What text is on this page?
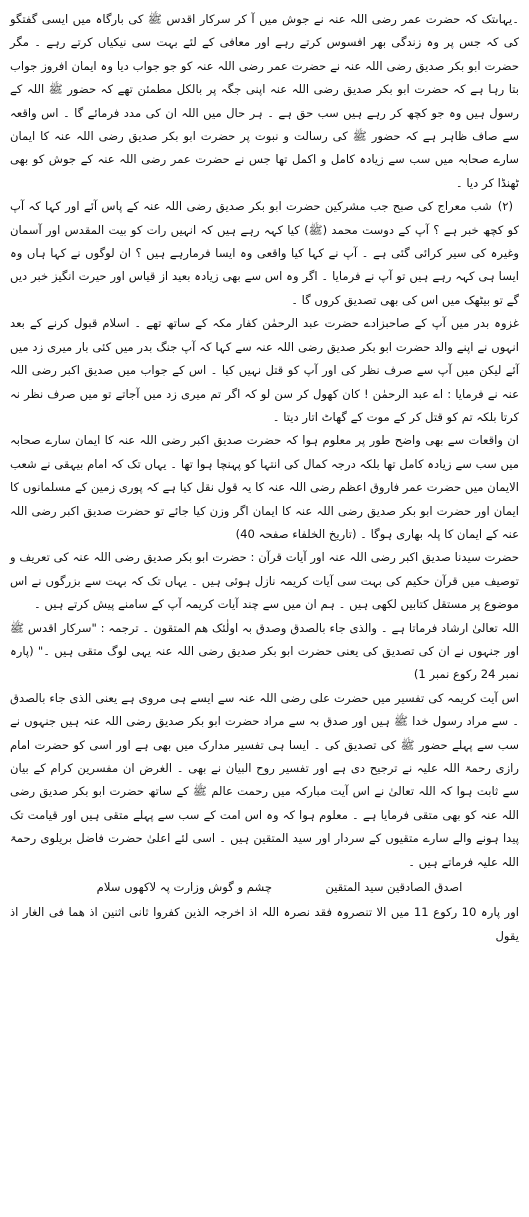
۔یہاںتک کہ حضرت عمر رضی اللہ عنہ نے جوش میں آ کر سرکار اقدس ﷺ کی بارگاہ میں ایسی گفتگو کی کہ جس پر وہ زندگی بھر افسوس کرتے رہے اور معافی کے لئے بہت سی نیکیاں کرتے رہے ۔ مگر حضرت ابو بکر صدیق رضی اللہ عنہ نے حضرت عمر رضی اللہ عنہ کو جو جواب دیا وہ ایمان افروز جواب بتا رہا ہے کہ حضرت ابو بکر صدیق رضی اللہ عنہ اپنی جگہ پر بالکل مطمئن تھے کہ حضور ﷺ اللہ کے رسول ہیں وہ جو کچھ کر رہے ہیں سب حق ہے ۔ ہر حال میں اللہ ان کی مدد فرمائے گا ۔ اس واقعہ سے صاف ظاہر ہے کہ حضور ﷺ کی رسالت و نبوت پر حضرت ابو بکر صدیق رضی اللہ عنہ کا ایمان سارے صحابہ میں سب سے زیادہ کامل و اکمل تھا جس نے حضرت عمر رضی اللہ عنہ کے جوش کو بھی ٹھنڈا کر دیا ۔

(۲)شب معراج کی صبح جب مشرکین حضرت ابو بکر صدیق رضی اللہ عنہ کے پاس آئے اور کہا کہ آپ کو کچھ خبر ہے ؟ آپ کے دوست محمد (ﷺ) کیا کہہ رہے ہیں کہ انہیں رات کو بیت المقدس اور آسمان وغیرہ کی سیر کرائی گئی ہے ۔ آپ نے کہا کیا واقعی وہ ایسا فرمارہے ہیں ؟ ان لوگوں نے کہا ہاں وہ ایسا ہی کہہ رہے ہیں تو آپ نے فرمایا ۔ اگر وہ اس سے بھی زیادہ بعید از قیاس اور حیرت انگیز خبر دیں گے تو بیٹھک میں اس کی بھی تصدیق کروں گا ۔

غزوہ بدر میں آپ کے صاحبزادے حضرت عبد الرحمٰن کفار مکہ کے ساتھ تھے ۔ اسلام قبول کرنے کے بعد انہوں نے اپنے والد حضرت ابو بکر صدیق رضی اللہ عنہ سے کہا کہ آپ جنگ بدر میں کئی بار میری زد میں آئے لیکن میں آپ سے صرف نظر کی اور آپ کو قتل نہیں کیا ۔ اس کے جواب میں صدیق اکبر رضی اللہ عنہ نے فرمایا : اے عبد الرحمٰن ! کان کھول کر سن لو کہ اگر تم میری زد میں آجاتے تو میں صرف نظر نہ کرتا بلکہ تم کو قتل کر کے موت کے گھاٹ اتار دیتا ۔

ان واقعات سے بھی واضح طور پر معلوم ہوا کہ حضرت صدیق اکبر رضی اللہ عنہ کا ایمان سارے صحابہ میں سب سے زیادہ کامل تھا بلکہ درجہ کمال کی انتہا کو پہنچا ہوا تھا ۔ یہاں تک کہ امام بیہقی نے شعب الایمان میں حضرت عمر فاروق اعظم رضی اللہ عنہ کا یہ قول نقل کیا ہے کہ پوری زمین کے مسلمانوں کا ایمان اور حضرت ابو بکر صدیق رضی اللہ عنہ کا ایمان اگر وزن کیا جائے تو حضرت صدیق اکبر رضی اللہ عنہ کے ایمان کا پلہ بھاری ہوگا ۔ (تاریخ الخلفاء صفحہ 40)

حضرت سیدنا صدیق اکبر رضی اللہ عنہ اور آیات قرآن : حضرت ابو بکر صدیق رضی اللہ عنہ کی تعریف و توصیف میں قرآن حکیم کی بہت سی آیات کریمہ نازل ہوئی ہیں ۔ یہاں تک کہ بہت سے بزرگوں نے اس موضوع پر مستقل کتابیں لکھی ہیں ۔ ہم ان میں سے چند آیات کریمہ آپ کے سامنے پیش کرتے ہیں ۔

اللہ تعالیٰ ارشاد فرماتا ہے ۔ والذی جاء بالصدق وصدق بہ اولٰئک ھم المتقون ۔ ترجمہ : "سرکار اقدس ﷺ اور جنہوں نے ان کی تصدیق کی یعنی حضرت ابو بکر صدیق رضی اللہ عنہ یہی لوگ متقی ہیں ۔" (پارہ نمبر 24 رکوع نمبر 1)

اس آیت کریمہ کی تفسیر میں حضرت علی رضی اللہ عنہ سے ایسے ہی مروی ہے یعنی الذی جاء بالصدق ۔ سے مراد رسول خدا ﷺ ہیں اور صدق بہ سے مراد حضرت ابو بکر صدیق رضی اللہ عنہ ہیں جنہوں نے سب سے پہلے حضور ﷺ کی تصدیق کی ۔ ایسا ہی تفسیر مدارک میں بھی ہے اور اسی کو حضرت امام رازی رحمۃ اللہ علیہ نے ترجیح دی ہے اور تفسیر روح البیان نے بھی ۔ الغرض ان مفسرین کرام کے بیان سے ثابت ہوا کہ اللہ تعالیٰ نے اس آیت مبارکہ میں رحمت عالم ﷺ کے ساتھ حضرت ابو بکر صدیق رضی اللہ عنہ کو بھی متقی فرمایا ہے ۔ معلوم ہوا کہ وہ اس امت کے سب سے پہلے متقی ہیں اور قیامت تک پیدا ہونے والے سارے متقیوں کے سردار اور سید المتقین ہیں ۔ اسی لئے اعلیٰ حضرت فاضل بریلوی رحمۃ اللہ علیہ فرماتے ہیں ۔

اصدق الصادقین سید المتقین
چشم و گوش وزارت پہ لاکھوں سلام

اور پارہ 10 رکوع 11 میں الا تنصروہ فقد نصرہ اللہ اذ اخرجہ الذین کفروا ثانی اثنین اذ ھما فی الغار اذ یقول
